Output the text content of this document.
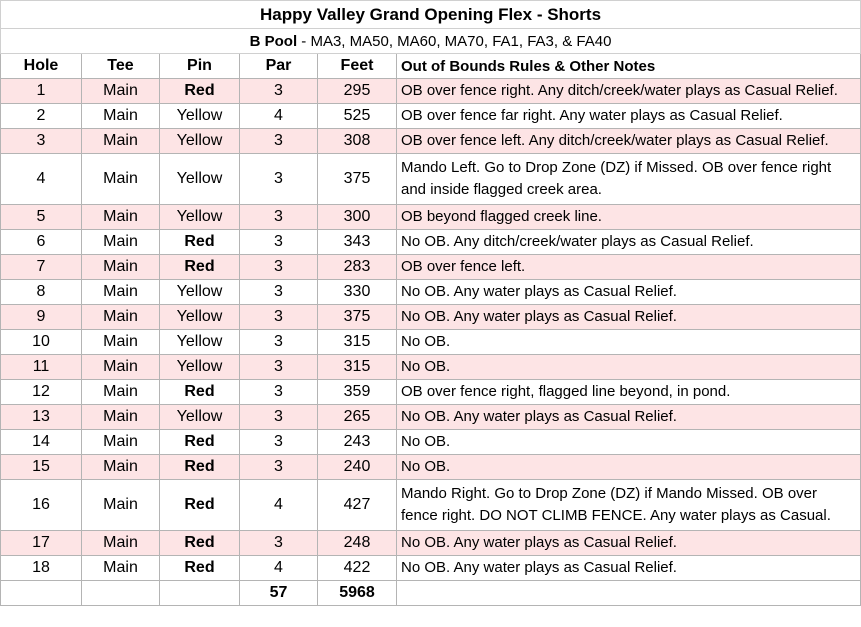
Happy Valley Grand Opening Flex - Shorts					
B Pool - MA3, MA50, MA60, MA70, FA1, FA3, & FA40					
Hole	Tee	Pin	Par	Feet	Out of Bounds Rules & Other Notes
1	Main	Red	3	295	OB over fence right. Any ditch/creek/water plays as Casual Relief.
2	Main	Yellow	4	525	OB over fence far right. Any water plays as Casual Relief.
3	Main	Yellow	3	308	OB over fence left. Any ditch/creek/water plays as Casual Relief.
4	Main	Yellow	3	375	Mando Left. Go to Drop Zone (DZ) if Missed. OB over fence right and inside flagged creek area.
5	Main	Yellow	3	300	OB beyond flagged creek line.
6	Main	Red	3	343	No OB. Any ditch/creek/water plays as Casual Relief.
7	Main	Red	3	283	OB over fence left.
8	Main	Yellow	3	330	No OB. Any water plays as Casual Relief.
9	Main	Yellow	3	375	No OB. Any water plays as Casual Relief.
10	Main	Yellow	3	315	No OB.
11	Main	Yellow	3	315	No OB.
12	Main	Red	3	359	OB over fence right, flagged line beyond, in pond.
13	Main	Yellow	3	265	No OB. Any water plays as Casual Relief.
14	Main	Red	3	243	No OB.
15	Main	Red	3	240	No OB.
16	Main	Red	4	427	Mando Right. Go to Drop Zone (DZ) if Mando Missed. OB over fence right. DO NOT CLIMB FENCE. Any water plays as Casual.
17	Main	Red	3	248	No OB. Any water plays as Casual Relief.
18	Main	Red	4	422	No OB. Any water plays as Casual Relief.
			57	5968	
